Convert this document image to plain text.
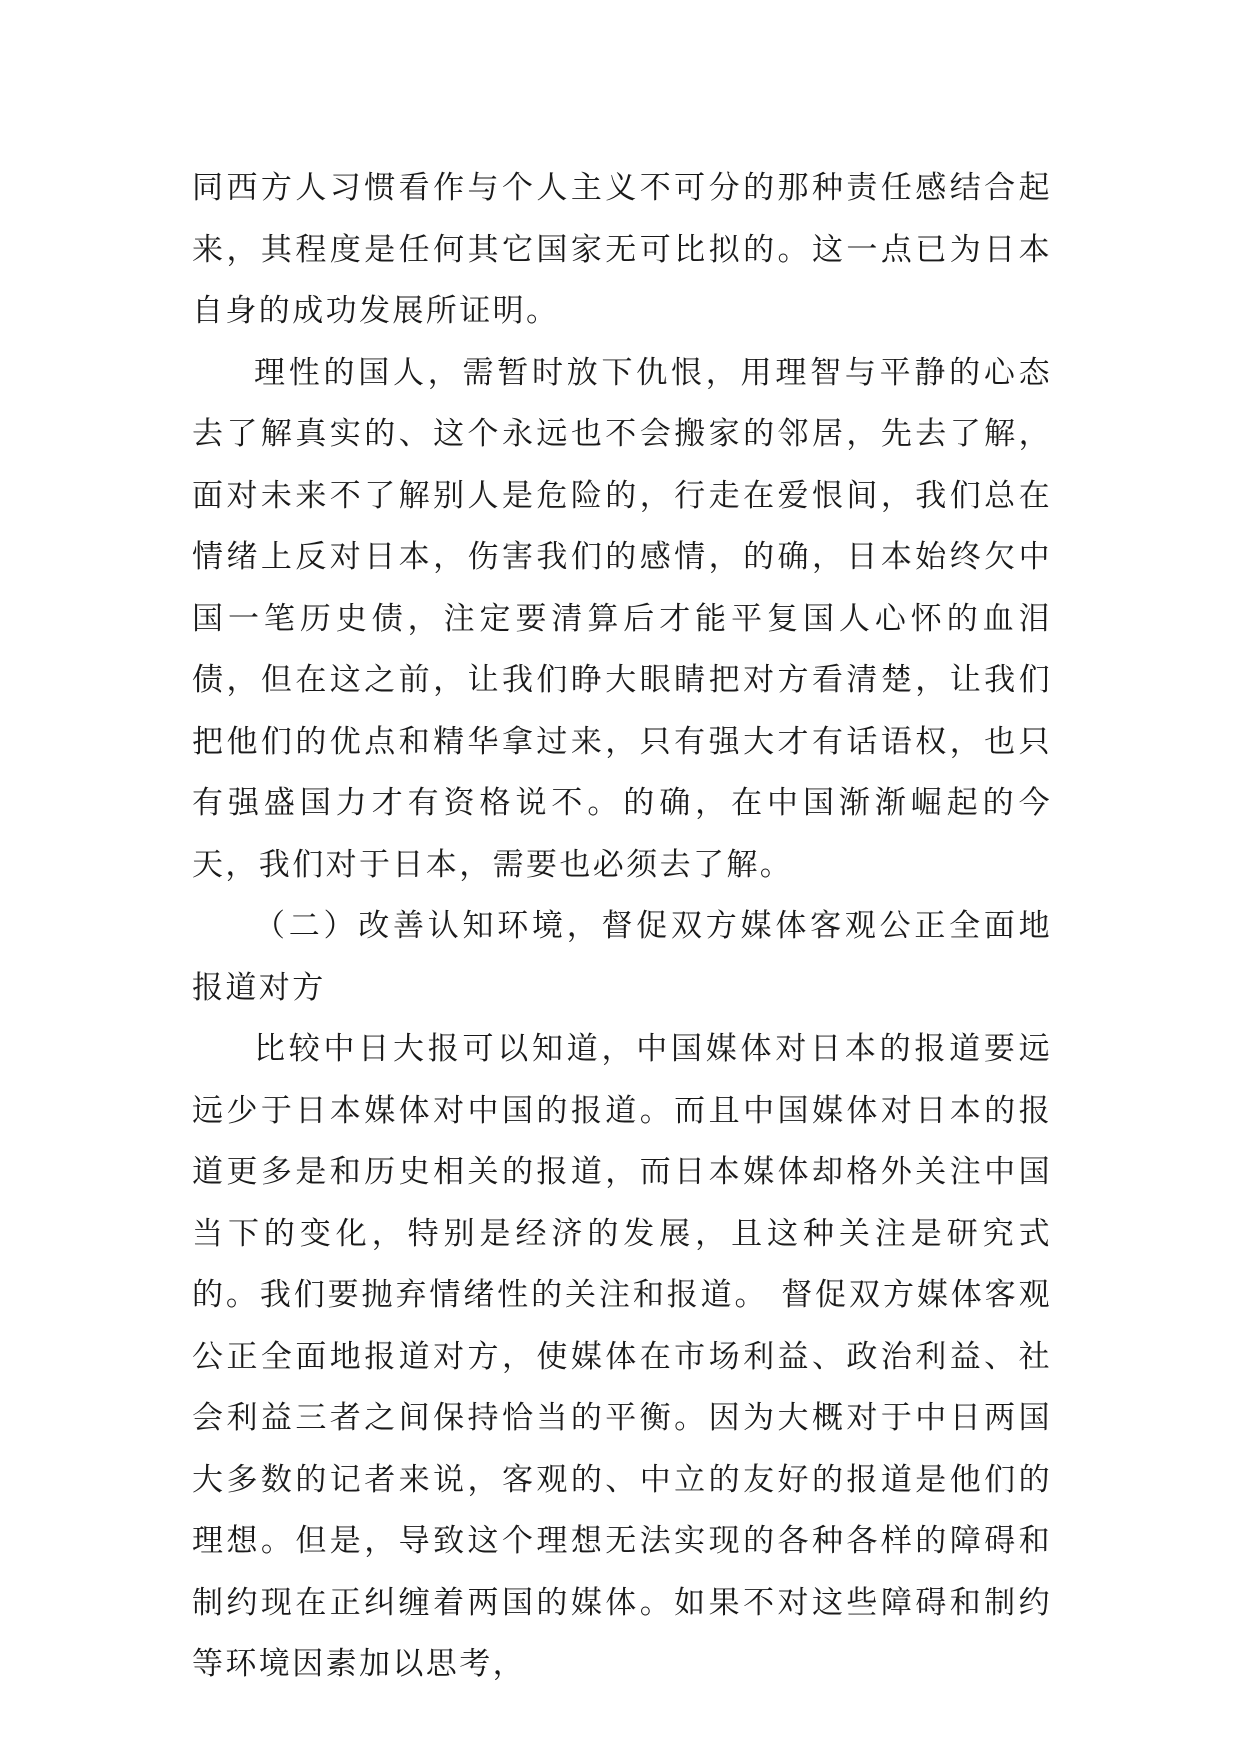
同西方人习惯看作与个人主义不可分的那种责任感结合起来，其程度是任何其它国家无可比拟的。这一点已为日本自身的成功发展所证明。

理性的国人，需暂时放下仇恨，用理智与平静的心态去了解真实的、这个永远也不会搬家的邻居，先去了解，面对未来不了解别人是危险的，行走在爱恨间，我们总在情绪上反对日本，伤害我们的感情，的确，日本始终欠中国一笔历史债，注定要清算后才能平复国人心怀的血泪债，但在这之前，让我们睁大眼睛把对方看清楚，让我们把他们的优点和精华拿过来，只有强大才有话语权，也只有强盛国力才有资格说不。的确，在中国渐渐崛起的今天，我们对于日本，需要也必须去了解。

（二）改善认知环境，督促双方媒体客观公正全面地报道对方

比较中日大报可以知道，中国媒体对日本的报道要远远少于日本媒体对中国的报道。而且中国媒体对日本的报道更多是和历史相关的报道，而日本媒体却格外关注中国当下的变化，特别是经济的发展，且这种关注是研究式的。我们要抛弃情绪性的关注和报道。 督促双方媒体客观公正全面地报道对方，使媒体在市场利益、政治利益、社会利益三者之间保持恰当的平衡。因为大概对于中日两国大多数的记者来说，客观的、中立的友好的报道是他们的理想。但是，导致这个理想无法实现的各种各样的障碍和制约现在正纠缠着两国的媒体。如果不对这些障碍和制约等环境因素加以思考，
